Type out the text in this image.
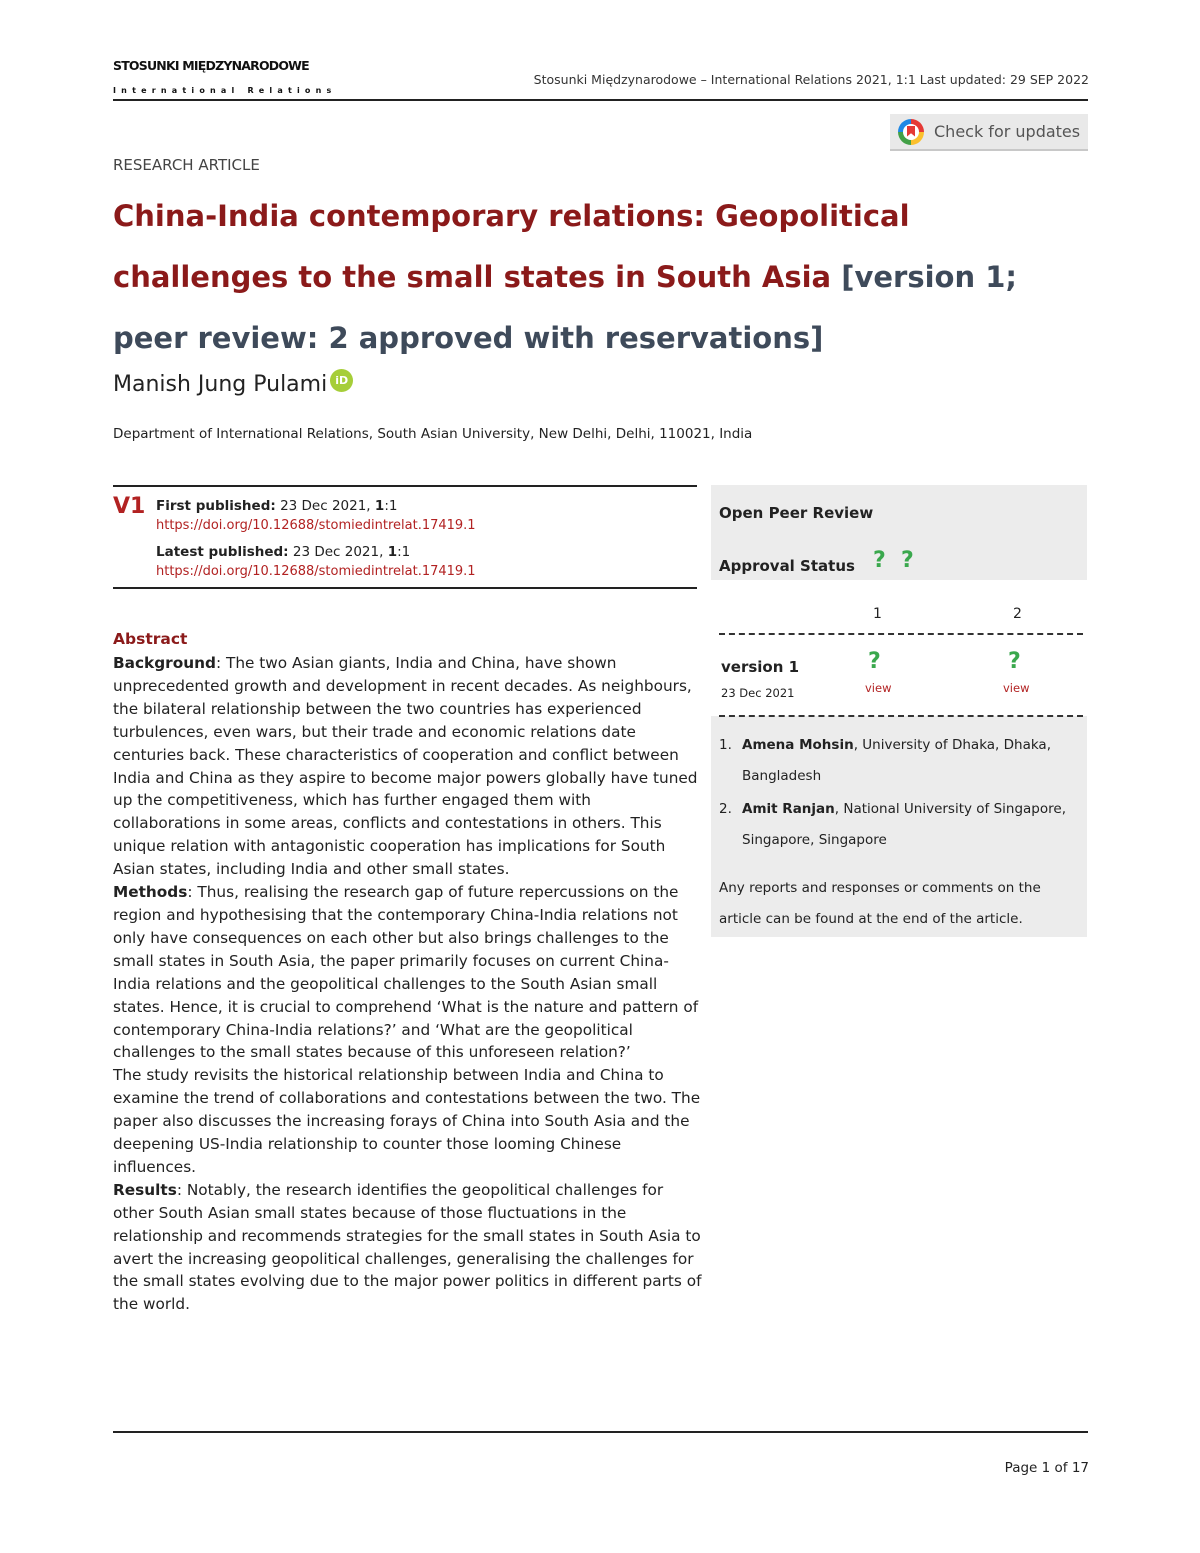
STOSUNKI MIĘDZYNARODOWE
International Relations
Stosunki Międzynarodowe – International Relations 2021, 1:1 Last updated: 29 SEP 2022
Check for updates
RESEARCH ARTICLE
China-India contemporary relations: Geopolitical challenges to the small states in South Asia [version 1; peer review: 2 approved with reservations]
Manish Jung Pulami iD
Department of International Relations, South Asian University, New Delhi, Delhi, 110021, India
V1 First published: 23 Dec 2021, 1:1
https://doi.org/10.12688/stomiedintrelat.17419.1
Latest published: 23 Dec 2021, 1:1
https://doi.org/10.12688/stomiedintrelat.17419.1
Abstract

Background: The two Asian giants, India and China, have shown unprecedented growth and development in recent decades. As neighbours, the bilateral relationship between the two countries has experienced turbulences, even wars, but their trade and economic relations date centuries back. These characteristics of cooperation and conflict between India and China as they aspire to become major powers globally have tuned up the competitiveness, which has further engaged them with collaborations in some areas, conflicts and contestations in others. This unique relation with antagonistic cooperation has implications for South Asian states, including India and other small states.

Methods: Thus, realising the research gap of future repercussions on the region and hypothesising that the contemporary China-India relations not only have consequences on each other but also brings challenges to the small states in South Asia, the paper primarily focuses on current China-India relations and the geopolitical challenges to the South Asian small states. Hence, it is crucial to comprehend ‘What is the nature and pattern of contemporary China-India relations?’ and ‘What are the geopolitical challenges to the small states because of this unforeseen relation?’

The study revisits the historical relationship between India and China to examine the trend of collaborations and contestations between the two. The paper also discusses the increasing forays of China into South Asia and the deepening US-India relationship to counter those looming Chinese influences.

Results: Notably, the research identifies the geopolitical challenges for other South Asian small states because of those fluctuations in the relationship and recommends strategies for the small states in South Asia to avert the increasing geopolitical challenges, generalising the challenges for the small states evolving due to the major power politics in different parts of the world.

Open Peer Review
Approval Status ? ?
1	2
version 1
23 Dec 2021
?
view
?
view
1. Amena Mohsin, University of Dhaka, Dhaka, Bangladesh
2. Amit Ranjan, National University of Singapore, Singapore, Singapore
Any reports and responses or comments on the article can be found at the end of the article.
Page 1 of 17
